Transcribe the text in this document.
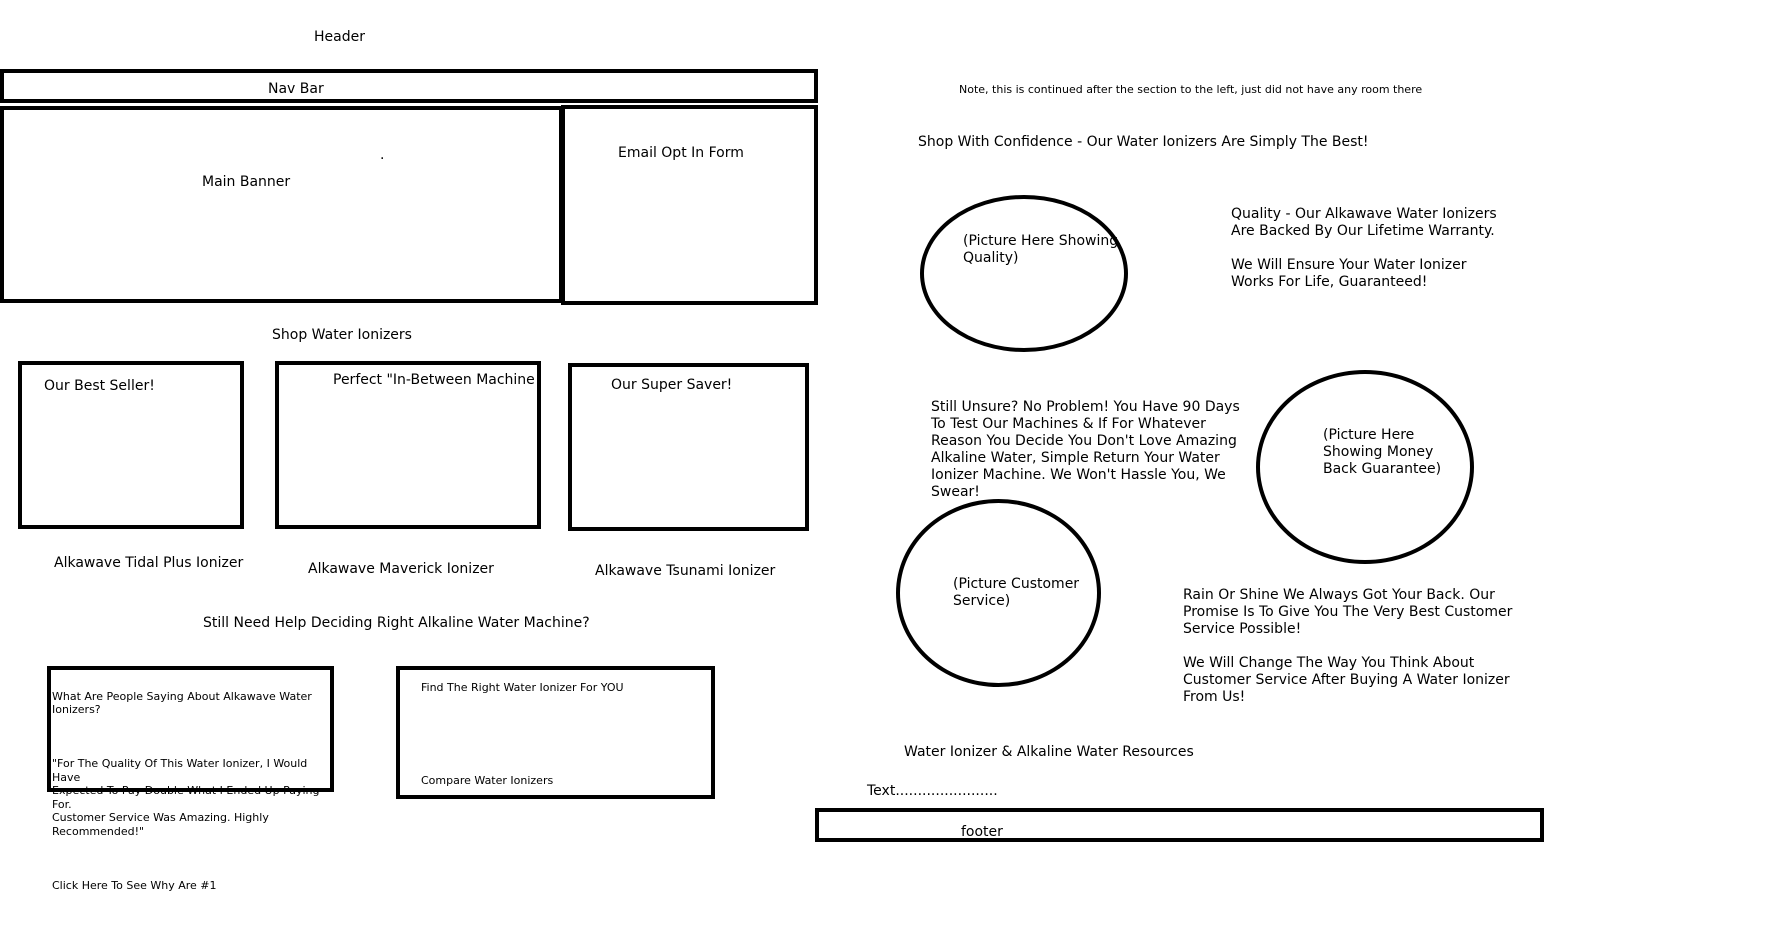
Header
Nav Bar
Main Banner
.	Email Opt In Form
Shop Water Ionizers
Our Best Seller!
Alkawave Tidal Plus Ionizer
Perfect "In-Between Machine
Alkawave Maverick Ionizer
Our Super Saver!
Alkawave Tsunami Ionizer
Still Need Help Deciding Right Alkaline Water Machine?

What Are People Saying About Alkawave Water Ionizers?

"For The Quality Of This Water Ionizer, I Would Have
Expected To Pay Double What I Ended Up Paying For.
Customer Service Was Amazing. Highly Recommended!"

Click Here To See Why Are #1

Find The Right Water Ionizer For YOU
Compare Water Ionizers
Note, this is continued after the section to the left, just did not have any room there
Shop With Confidence - Our Water Ionizers Are Simply The Best!
(Picture Here Showing
Quality)
Quality - Our Alkawave Water Ionizers
Are Backed By Our Lifetime Warranty.

We Will Ensure Your Water Ionizer
Works For Life, Guaranteed!
Still Unsure? No Problem! You Have 90 Days
To Test Our Machines & If For Whatever
Reason You Decide You Don't Love Amazing
Alkaline Water, Simple Return Your Water
Ionizer Machine. We Won't Hassle You, We
Swear!
(Picture Here
Showing Money
Back Guarantee)
(Picture Customer
Service)	Rain Or Shine We Always Got Your Back. Our
Promise Is To Give You The Very Best Customer
Service Possible!

We Will Change The Way You Think About
Customer Service After Buying A Water Ionizer
From Us!
Water Ionizer & Alkaline Water Resources
Text.......................
footer
